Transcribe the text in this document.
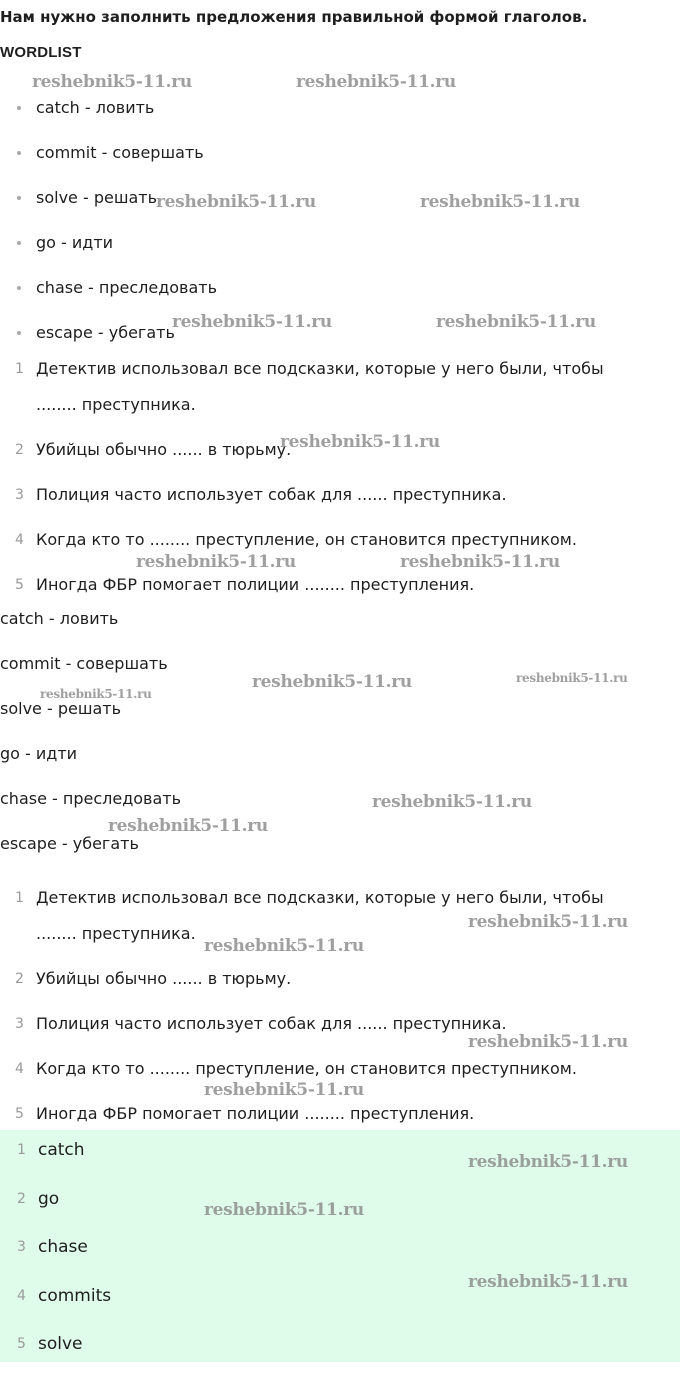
Нам нужно заполнить предложения правильной формой глаголов.
WORDLIST
catch - ловить
commit - совершать
solve - решать
go - идти
chase - преследовать
escape - убегать
1 Детектив использовал все подсказки, которые у него были, чтобы ........ преступника.
2 Убийцы обычно ...... в тюрьму.
3 Полиция часто использует собак для ...... преступника.
4 Когда кто то ........ преступление, он становится преступником.
5 Иногда ФБР помогает полиции ........ преступления.
catch - ловить
commit - совершать
solve - решать
go - идти
chase - преследовать
escape - убегать
1 Детектив использовал все подсказки, которые у него были, чтобы ........ преступника.
2 Убийцы обычно ...... в тюрьму.
3 Полиция часто использует собак для ...... преступника.
4 Когда кто то ........ преступление, он становится преступником.
5 Иногда ФБР помогает полиции ........ преступления.
1 catch
2 go
3 chase
4 commits
5 solve
reshebnik5-11.ru	reshebnik5-11.ru
reshebnik5-11.ru	reshebnik5-11.ru
reshebnik5-11.ru	reshebnik5-11.ru
reshebnik5-11.ru
reshebnik5-11.ru	reshebnik5-11.ru
reshebnik5-11.ru	reshebnik5-11.ru
reshebnik5-11.ru
reshebnik5-11.ru
reshebnik5-11.ru
reshebnik5-11.ru
reshebnik5-11.ru
reshebnik5-11.ru
reshebnik5-11.ru
reshebnik5-11.ru
reshebnik5-11.ru
reshebnik5-11.ru
